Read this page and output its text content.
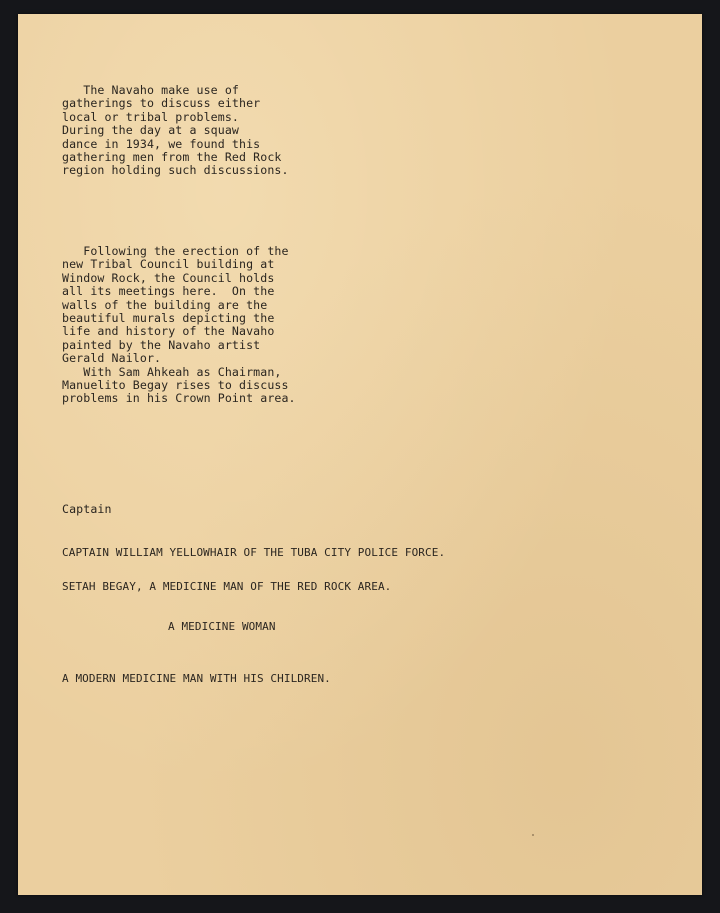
The Navaho make use of
gatherings to discuss either
local or tribal problems.
During the day at a squaw
dance in 1934, we found this
gathering men from the Red Rock
region holding such discussions.

Following the erection of the
new Tribal Council building at
Window Rock, the Council holds
all its meetings here.  On the
walls of the building are the
beautiful murals depicting the
life and history of the Navaho
painted by the Navaho artist
Gerald Nailor.
With Sam Ahkeah as Chairman,
Manuelito Begay rises to discuss
problems in his Crown Point area.

Captain

CAPTAIN WILLIAM YELLOWHAIR OF THE TUBA CITY POLICE FORCE.

SETAH BEGAY, A MEDICINE MAN OF THE RED ROCK AREA.

A MEDICINE WOMAN

A MODERN MEDICINE MAN WITH HIS CHILDREN.
